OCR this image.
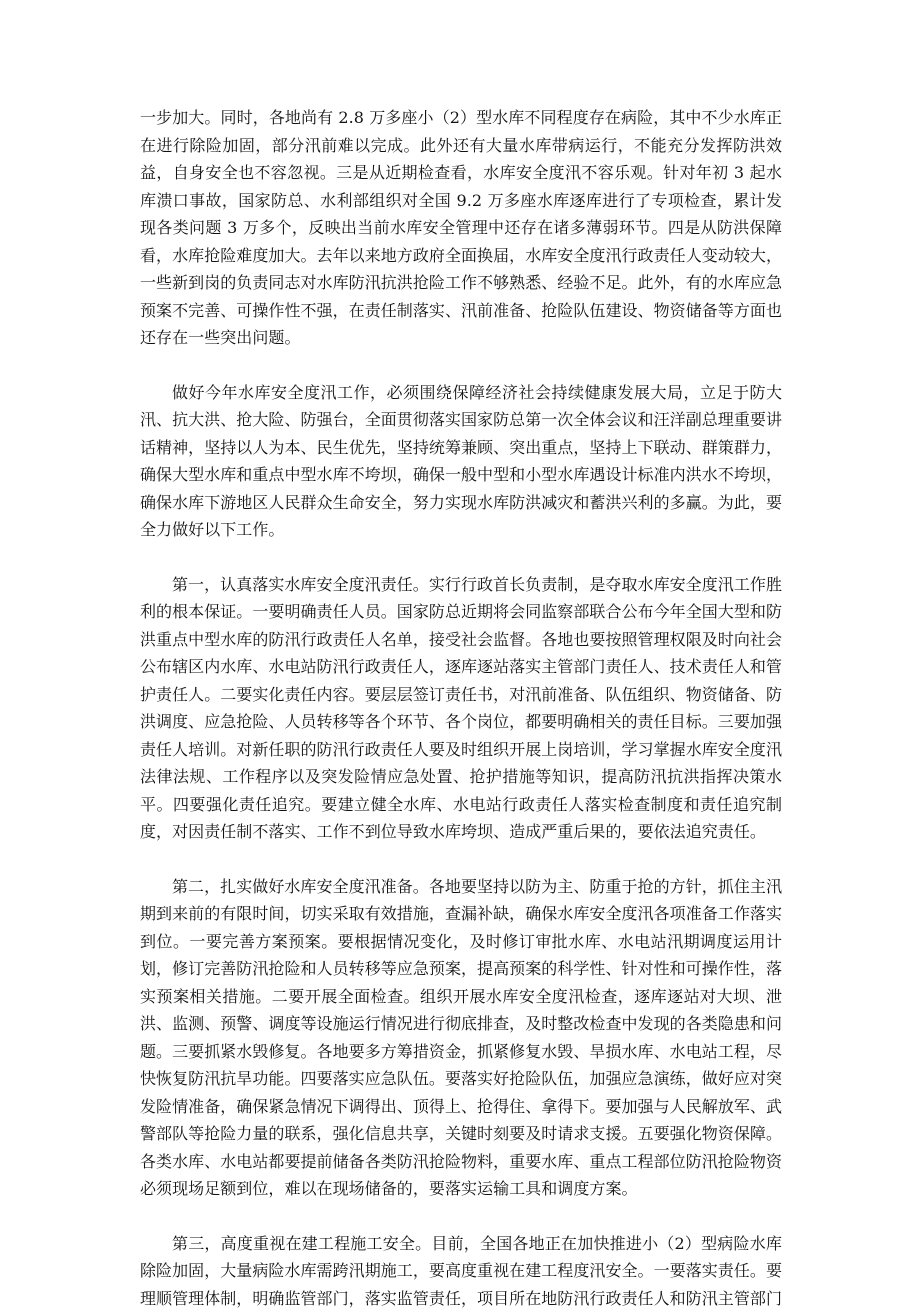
一步加大。同时，各地尚有 2.8 万多座小（2）型水库不同程度存在病险，其中不少水库正在进行除险加固，部分汛前难以完成。此外还有大量水库带病运行，不能充分发挥防洪效益，自身安全也不容忽视。三是从近期检查看，水库安全度汛不容乐观。针对年初 3 起水库溃口事故，国家防总、水利部组织对全国 9.2 万多座水库逐库进行了专项检查，累计发现各类问题 3 万多个，反映出当前水库安全管理中还存在诸多薄弱环节。四是从防洪保障看，水库抢险难度加大。去年以来地方政府全面换届，水库安全度汛行政责任人变动较大，一些新到岗的负责同志对水库防汛抗洪抢险工作不够熟悉、经验不足。此外，有的水库应急预案不完善、可操作性不强，在责任制落实、汛前准备、抢险队伍建设、物资储备等方面也还存在一些突出问题。

做好今年水库安全度汛工作，必须围绕保障经济社会持续健康发展大局，立足于防大汛、抗大洪、抢大险、防强台，全面贯彻落实国家防总第一次全体会议和汪洋副总理重要讲话精神，坚持以人为本、民生优先，坚持统筹兼顾、突出重点，坚持上下联动、群策群力，确保大型水库和重点中型水库不垮坝，确保一般中型和小型水库遇设计标准内洪水不垮坝，确保水库下游地区人民群众生命安全，努力实现水库防洪减灾和蓄洪兴利的多赢。为此，要全力做好以下工作。

第一，认真落实水库安全度汛责任。实行行政首长负责制，是夺取水库安全度汛工作胜利的根本保证。一要明确责任人员。国家防总近期将会同监察部联合公布今年全国大型和防洪重点中型水库的防汛行政责任人名单，接受社会监督。各地也要按照管理权限及时向社会公布辖区内水库、水电站防汛行政责任人，逐库逐站落实主管部门责任人、技术责任人和管护责任人。二要实化责任内容。要层层签订责任书，对汛前准备、队伍组织、物资储备、防洪调度、应急抢险、人员转移等各个环节、各个岗位，都要明确相关的责任目标。三要加强责任人培训。对新任职的防汛行政责任人要及时组织开展上岗培训，学习掌握水库安全度汛法律法规、工作程序以及突发险情应急处置、抢护措施等知识，提高防汛抗洪指挥决策水平。四要强化责任追究。要建立健全水库、水电站行政责任人落实检查制度和责任追究制度，对因责任制不落实、工作不到位导致水库垮坝、造成严重后果的，要依法追究责任。

第二，扎实做好水库安全度汛准备。各地要坚持以防为主、防重于抢的方针，抓住主汛期到来前的有限时间，切实采取有效措施，查漏补缺，确保水库安全度汛各项准备工作落实到位。一要完善方案预案。要根据情况变化，及时修订审批水库、水电站汛期调度运用计划，修订完善防汛抢险和人员转移等应急预案，提高预案的科学性、针对性和可操作性，落实预案相关措施。二要开展全面检查。组织开展水库安全度汛检查，逐库逐站对大坝、泄洪、监测、预警、调度等设施运行情况进行彻底排查，及时整改检查中发现的各类隐患和问题。三要抓紧水毁修复。各地要多方筹措资金，抓紧修复水毁、旱损水库、水电站工程，尽快恢复防汛抗旱功能。四要落实应急队伍。要落实好抢险队伍，加强应急演练，做好应对突发险情准备，确保紧急情况下调得出、顶得上、抢得住、拿得下。要加强与人民解放军、武警部队等抢险力量的联系，强化信息共享，关键时刻要及时请求支援。五要强化物资保障。各类水库、水电站都要提前储备各类防汛抢险物料，重要水库、重点工程部位防汛抢险物资必须现场足额到位，难以在现场储备的，要落实运输工具和调度方案。

第三，高度重视在建工程施工安全。目前，全国各地正在加快推进小（2）型病险水库除险加固，大量病险水库需跨汛期施工，要高度重视在建工程度汛安全。一要落实责任。要理顺管理体制，明确监管部门，落实监管责任，项目所在地防汛行政责任人和防汛主管部门
